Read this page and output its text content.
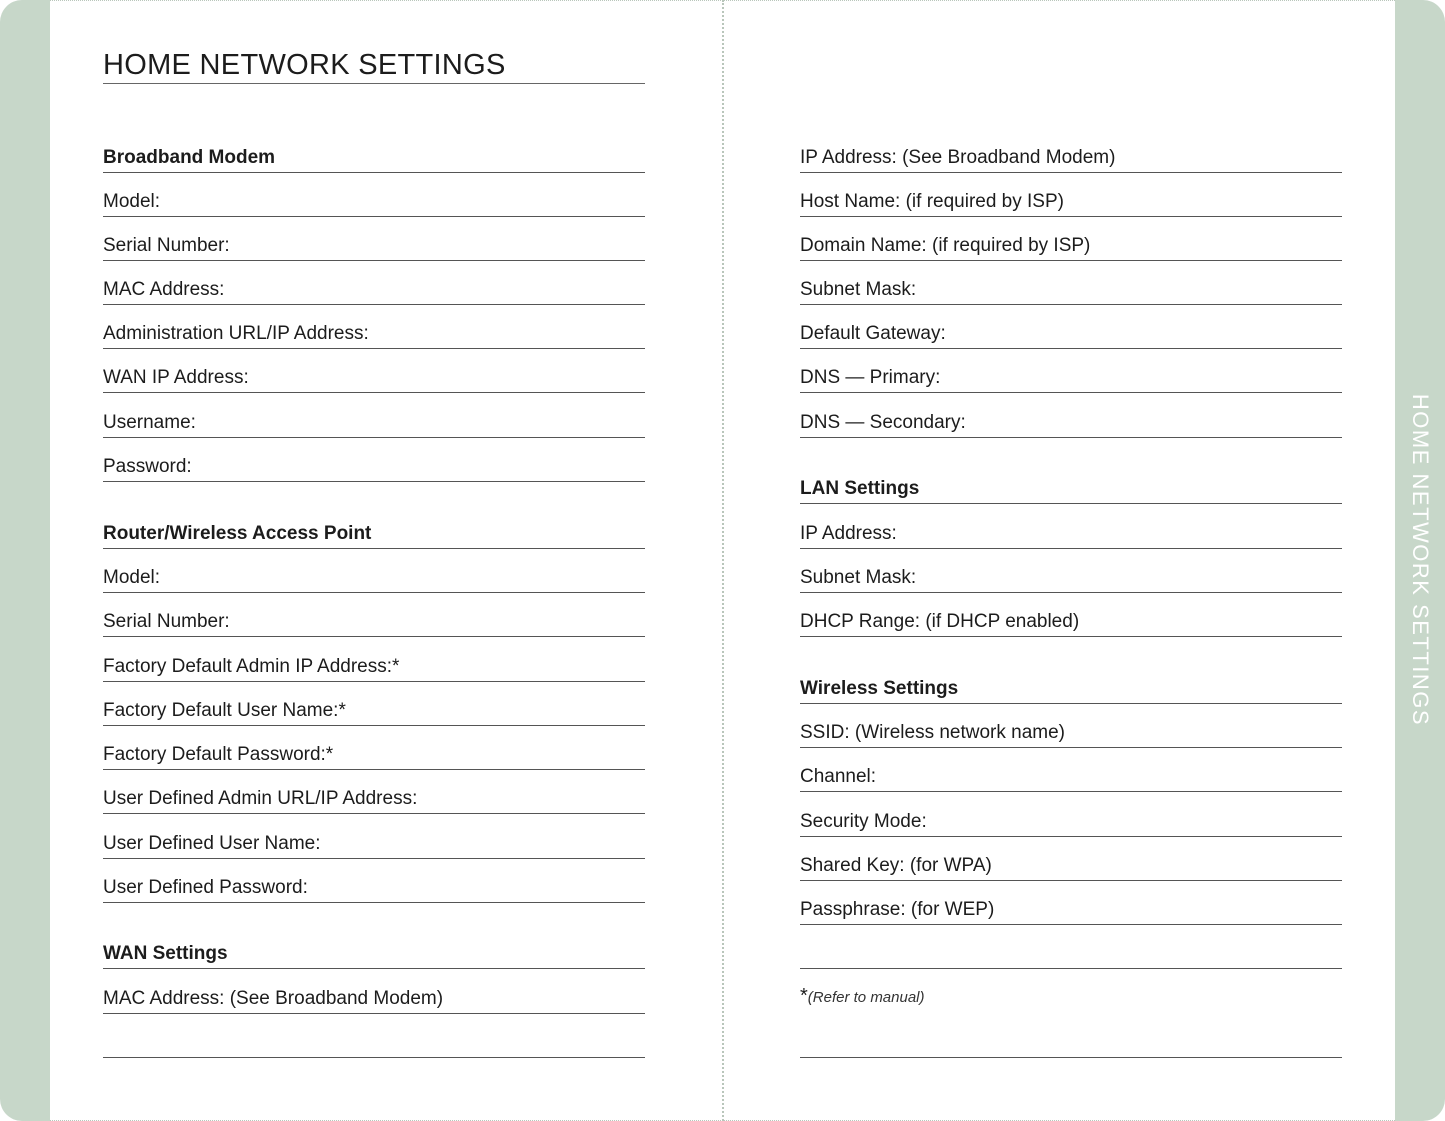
HOME NETWORK SETTINGS
HOME NETWORK SETTINGS
Broadband Modem
Model:
Serial Number:
MAC Address:
Administration URL/IP Address:
WAN IP Address:
Username:
Password:
Router/Wireless Access Point
Model:
Serial Number:
Factory Default Admin IP Address:*
Factory Default User Name:*
Factory Default Password:*
User Defined Admin URL/IP Address:
User Defined User Name:
User Defined Password:
WAN Settings
MAC Address: (See Broadband Modem)
IP Address: (See Broadband Modem)
Host Name: (if required by ISP)
Domain Name: (if required by ISP)
Subnet Mask:
Default Gateway:
DNS — Primary:
DNS — Secondary:
LAN Settings
IP Address:
Subnet Mask:
DHCP Range: (if DHCP enabled)
Wireless Settings
SSID: (Wireless network name)
Channel:
Security Mode:
Shared Key: (for WPA)
Passphrase: (for WEP)
*(Refer to manual)
